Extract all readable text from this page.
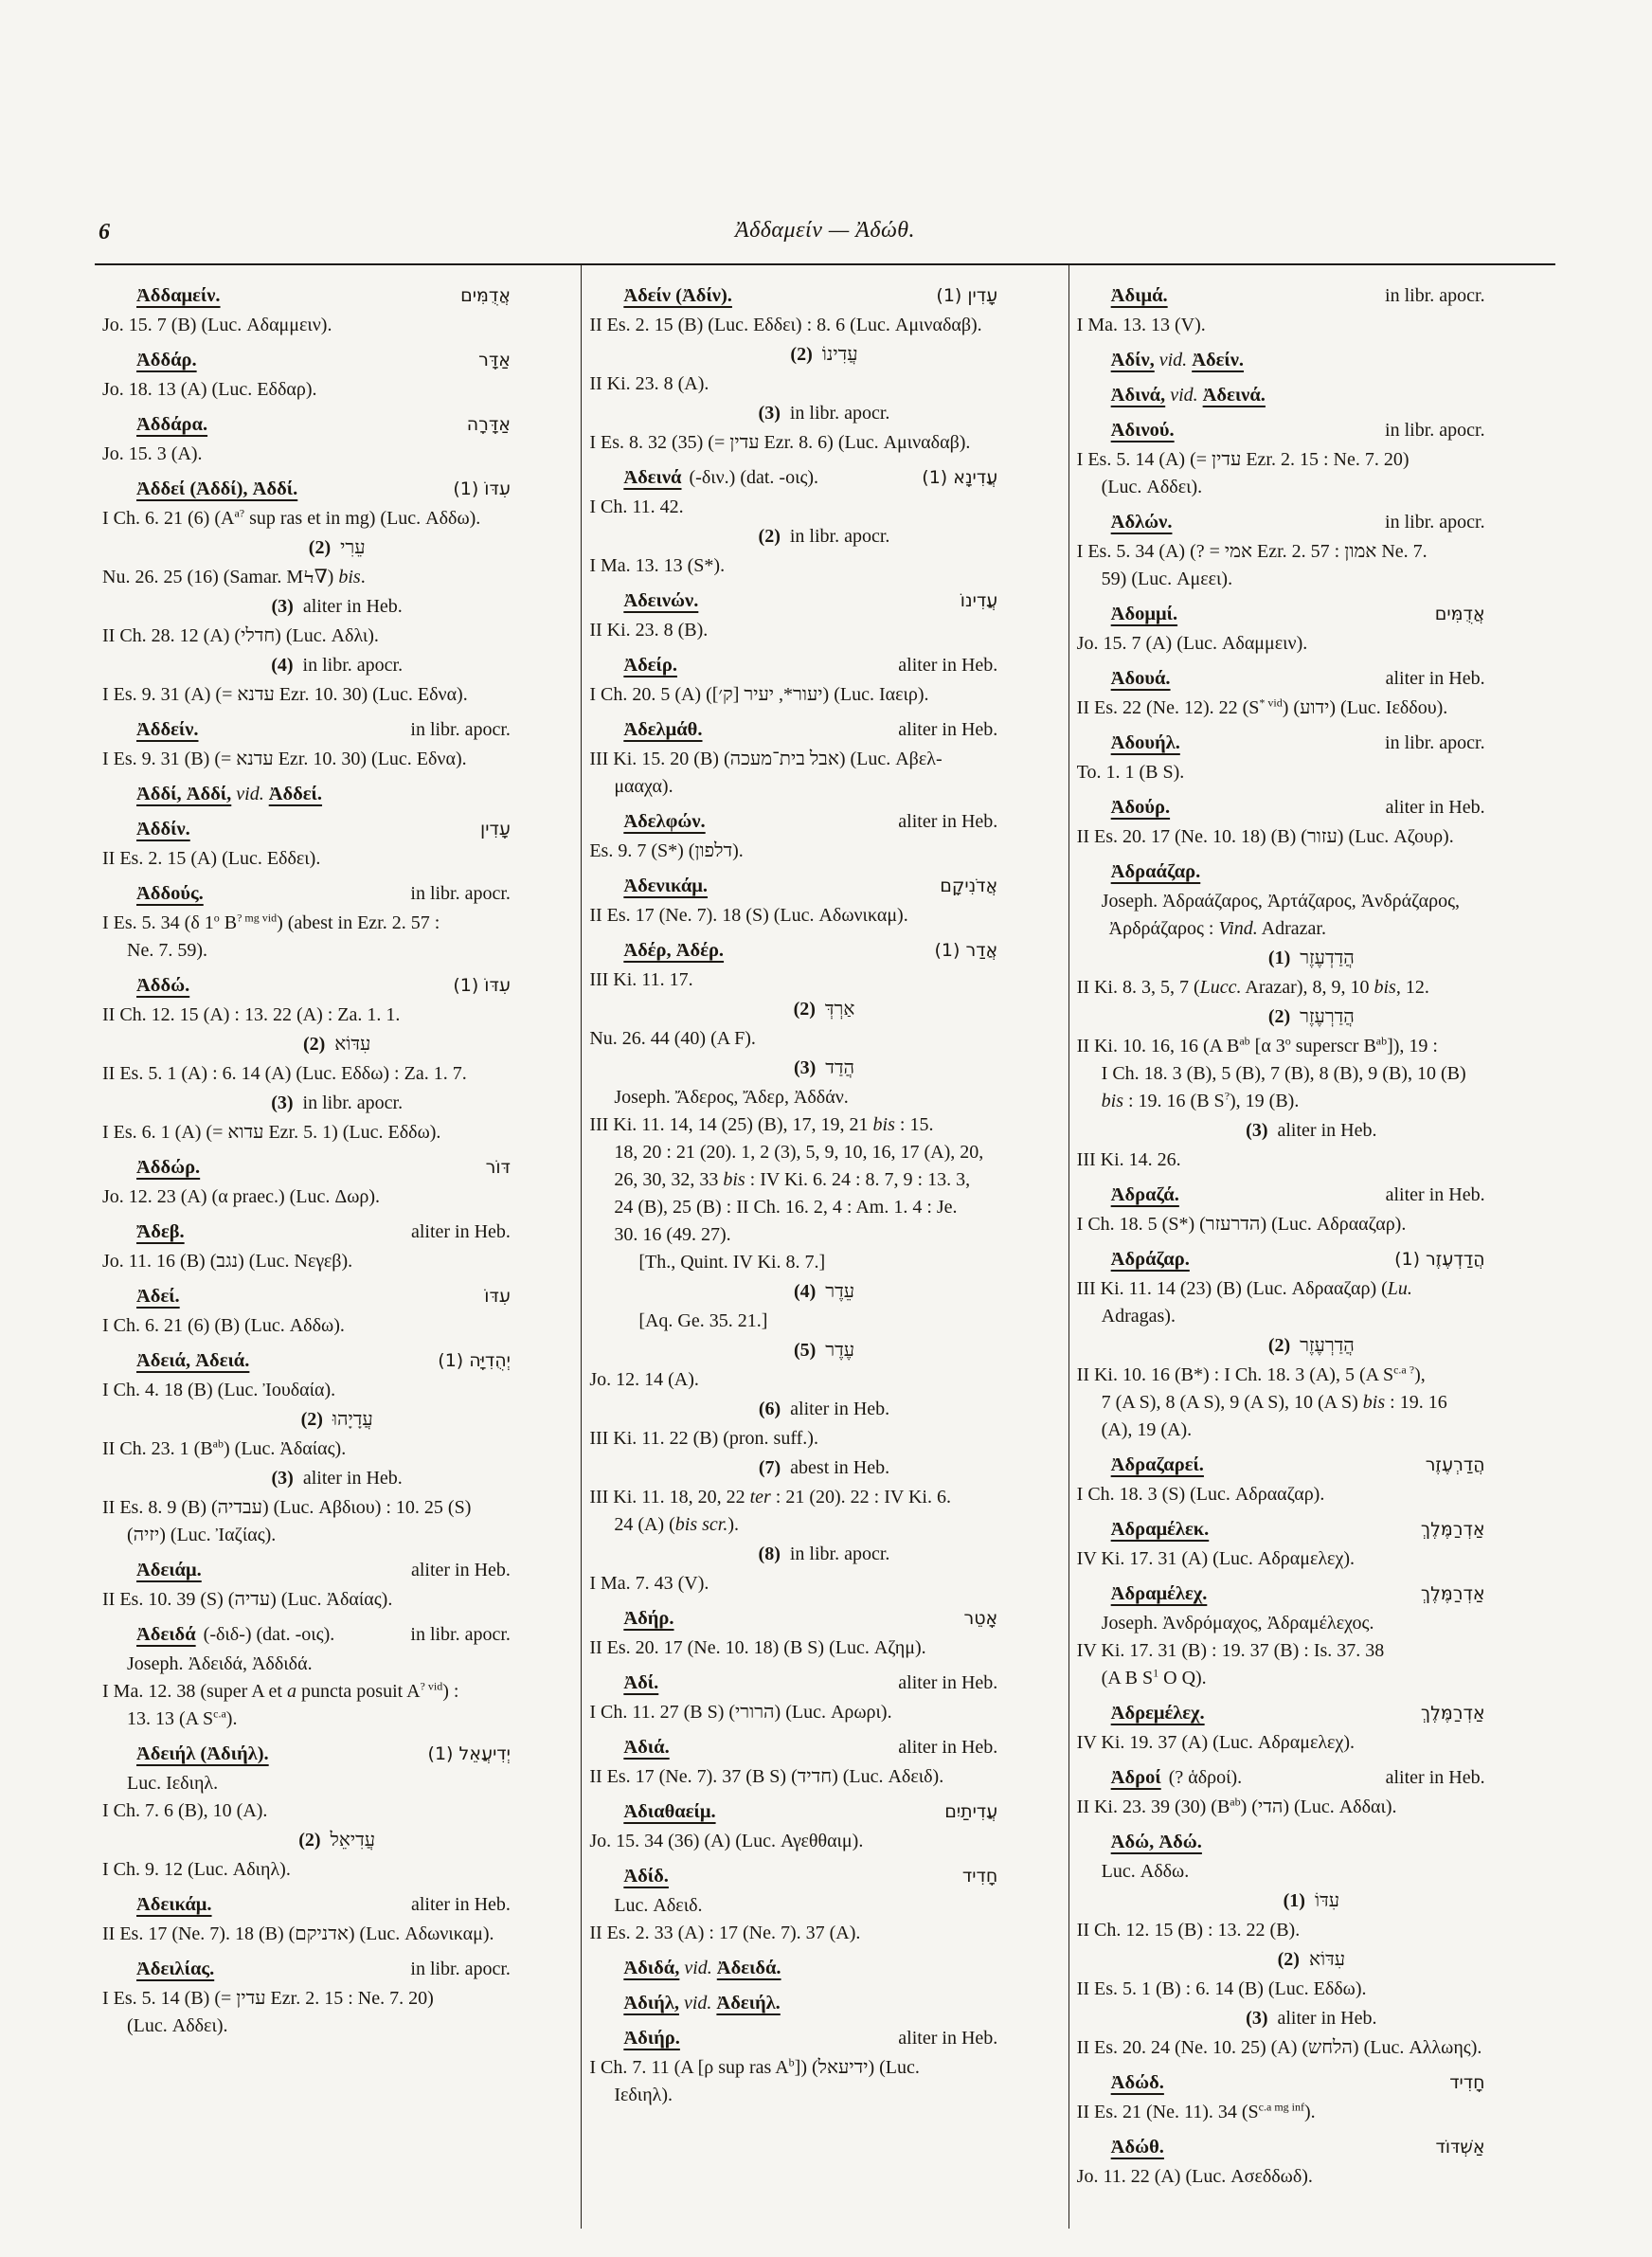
6	Ἀδδαμείν — Ἀδώθ.
Ἀδδαμείν.	אֲדֻמִּים
Jo. 15. 7 (B) (Luc. Αδαμμειν).
Ἀδδάρ.	אַדָּר
Jo. 18. 13 (A) (Luc. Εδδαρ).
Ἀδδάρα.	אַדָּרָה
Jo. 15. 3 (A).
Ἀδδεί (Ἀδδί), Ἀδδί.	(1) עִדּוֹ
I Ch. 6. 21 (6) ($A^{a?}$ sup ras et in mg) (Luc. Αδδω).
(2)  עֵרִי
Nu. 26. 25 (16) (Samar. ΜϞ∇) bis.
(3)  aliter in Heb.
II Ch. 28. 12 (A) (חדלי) (Luc. Αδλι).
(4)  in libr. apocr.
I Es. 9. 31 (A) (= עדנא Ezr. 10. 30) (Luc. Εδνα).
Ἀδδείν.	in libr. apocr.
I Es. 9. 31 (B) (= עדנא Ezr. 10. 30) (Luc. Εδνα).
Ἀδδί, Ἀδδί, vid. Ἀδδεί.
Ἀδδίν.	עָדִין
II Es. 2. 15 (A) (Luc. Εδδει).
Ἀδδούς.	in libr. apocr.
I Es. 5. 34 (δ 1$^o$ $B^{? mg vid}$) (abest in Ezr. 2. 57 :
Ne. 7. 59).
Ἀδδώ.	(1) עִדּוֹ
II Ch. 12. 15 (A) : 13. 22 (A) : Za. 1. 1.
(2)  עִדּוֹא
II Es. 5. 1 (A) : 6. 14 (A) (Luc. Εδδω) : Za. 1. 7.
(3)  in libr. apocr.
I Es. 6. 1 (A) (= עדוא Ezr. 5. 1) (Luc. Εδδω).
Ἀδδώρ.	דּוֹר
Jo. 12. 23 (A) (α praec.) (Luc. Δωρ).
Ἄδεβ.	aliter in Heb.
Jo. 11. 16 (B) (נגב) (Luc. Νεγεβ).
Ἀδεί.	עִדּוֹ
I Ch. 6. 21 (6) (B) (Luc. Αδδω).
Ἀδειά, Ἀδειά.	(1) יְהֻדִיָּה
I Ch. 4. 18 (B) (Luc. Ἰουδαία).
(2)  עֲדָיָהוּ
II Ch. 23. 1 $(B^{ab})$ (Luc. Ἀδαίας).
(3)  aliter in Heb.
II Es. 8. 9 (B) (עבדיה) (Luc. Αβδιου) : 10. 25 (S)
(יזיה) (Luc. Ἰαζίας).
Ἀδειάμ.	aliter in Heb.
II Es. 10. 39 (S) (עדיה) (Luc. Ἀδαίας).
Ἀδειδά (-διδ-) (dat. -οις).	in libr. apocr.
Joseph. Ἀδειδά, Ἀδδιδά.
I Ma. 12. 38 (super A et a puncta posuit $A^{? vid}$) :
13. 13 (A $S^{c.a}$).
Ἀδειήλ (Ἀδιήλ).	(1) יְדִיעֲאֵל
Luc. Ιεδιηλ.
I Ch. 7. 6 (B), 10 (A).
(2)  עֲדִיאֵל
I Ch. 9. 12 (Luc. Αδιηλ).
Ἀδεικάμ.	aliter in Heb.
II Es. 17 (Ne. 7). 18 (B) (אדניקם) (Luc. Αδωνικαμ).
Ἀδειλίας.	in libr. apocr.
I Es. 5. 14 (B) (= עדין Ezr. 2. 15 : Ne. 7. 20)
(Luc. Αδδει).
Ἀδείν (Ἀδίν).	(1) עָדִין
II Es. 2. 15 (B) (Luc. Εδδει) : 8. 6 (Luc. Αμιναδαβ).
(2)  עֲדִינוֹ
II Ki. 23. 8 (A).
(3)  in libr. apocr.
I Es. 8. 32 (35) (= עדין Ezr. 8. 6) (Luc. Αμιναδαβ).
Ἀδεινά (-διν.) (dat. -οις).	(1) עֲדִינָא
I Ch. 11. 42.
(2)  in libr. apocr.
I Ma. 13. 13 (S*).
Ἀδεινών.	עֲדִינוֹ
II Ki. 23. 8 (B).
Ἀδείρ.	aliter in Heb.
I Ch. 20. 5 (A) (יעור*, יעיר [ק׳]) (Luc. Ιαειρ).
Ἀδελμάθ.	aliter in Heb.
III Ki. 15. 20 (B) (אבל בית־מעכה) (Luc. Αβελ-
μααχα).
Ἀδελφών.	aliter in Heb.
Es. 9. 7 (S*) (דלפון).
Ἀδενικάμ.	אֲדֹנִיקָם
II Es. 17 (Ne. 7). 18 (S) (Luc. Αδωνικαμ).
Ἀδέρ, Ἀδέρ.	(1) אֲדַר
III Ki. 11. 17.
(2)  אַרְדְּ
Nu. 26. 44 (40) (A F).
(3)  הֲדַד
Joseph. Ἄδερος, Ἄδερ, Ἀδδάν.
III Ki. 11. 14, 14 (25) (B), 17, 19, 21 bis : 15.
18, 20 : 21 (20). 1, 2 (3), 5, 9, 10, 16, 17 (A), 20,
26, 30, 32, 33 bis : IV Ki. 6. 24 : 8. 7, 9 : 13. 3,
24 (B), 25 (B) : II Ch. 16. 2, 4 : Am. 1. 4 : Je.
30. 16 (49. 27).
[Th., Quint. IV Ki. 8. 7.]
(4)  עֵדֶר
[Aq. Ge. 35. 21.]
(5)  עֶדֶר
Jo. 12. 14 (A).
(6)  aliter in Heb.
III Ki. 11. 22 (B) (pron. suff.).
(7)  abest in Heb.
III Ki. 11. 18, 20, 22 ter : 21 (20). 22 : IV Ki. 6.
24 (A) (bis scr.).
(8)  in libr. apocr.
I Ma. 7. 43 (V).
Ἀδήρ.	אָטֵר
II Es. 20. 17 (Ne. 10. 18) (B S) (Luc. Αζημ).
Ἀδί.	aliter in Heb.
I Ch. 11. 27 (B S) (הרורי) (Luc. Αρωρι).
Ἀδιά.	aliter in Heb.
II Es. 17 (Ne. 7). 37 (B S) (חדיד) (Luc. Αδειδ).
Ἀδιαθαείμ.	עֲדִיתַיִם
Jo. 15. 34 (36) (A) (Luc. Αγεθθαιμ).
Ἀδίδ.	חָדִיד
Luc. Αδειδ.
II Es. 2. 33 (A) : 17 (Ne. 7). 37 (A).
Ἀδιδά, vid. Ἀδειδά.
Ἀδιήλ, vid. Ἀδειήλ.
Ἀδιήρ.	aliter in Heb.
I Ch. 7. 11 (A [ρ sup ras $A^b$]) (ידיעאל) (Luc.
Ιεδιηλ).
Ἀδιμά.	in libr. apocr.
I Ma. 13. 13 (V).
Ἀδίν, vid. Ἀδείν.
Ἀδινά, vid. Ἀδεινά.
Ἀδινού.	in libr. apocr.
I Es. 5. 14 (A) (= עדין Ezr. 2. 15 : Ne. 7. 20)
(Luc. Αδδει).
Ἀδλών.	in libr. apocr.
I Es. 5. 34 (A) (? = אמי Ezr. 2. 57 : אמון Ne. 7.
59) (Luc. Αμεει).
Ἀδομμί.	אֲדֻמִּים
Jo. 15. 7 (A) (Luc. Αδαμμειν).
Ἀδουά.	aliter in Heb.
II Es. 22 (Ne. 12). 22 $(S^{* vid})$ (ידוע) (Luc. Ιεδδου).
Ἀδουήλ.	in libr. apocr.
To. 1. 1 (B S).
Ἀδούρ.	aliter in Heb.
II Es. 20. 17 (Ne. 10. 18) (B) (עזור) (Luc. Αζουρ).
Ἀδραάζαρ.
Joseph. Ἀδραάζαρος, Ἀρτάζαρος, Ἀνδράζαρος,
Ἀρδράζαρος : Vind. Adrazar.
(1)  הֲדַדְעֶזֶר
II Ki. 8. 3, 5, 7 (Lucc. Arazar), 8, 9, 10 bis, 12.
(2)  הֲדַרְעֶזֶר
II Ki. 10. 16, 16 (A $B^{ab}$ [α 3$^o$ superscr $B^{ab}$]), 19 :
I Ch. 18. 3 (B), 5 (B), 7 (B), 8 (B), 9 (B), 10 (B)
bis : 19. 16 (B S?), 19 (B).
(3)  aliter in Heb.
III Ki. 14. 26.
Ἀδραζά.	aliter in Heb.
I Ch. 18. 5 (S*) (הדרעזר) (Luc. Αδρααζαρ).
Ἀδράζαρ.	(1) הֲדַדְעֶזֶר
III Ki. 11. 14 (23) (B) (Luc. Αδρααζαρ) (Lu.
Adragas).
(2)  הֲדַרְעֶזֶר
II Ki. 10. 16 (B*) : I Ch. 18. 3 (A), 5 (A $S^{c.a ?}$),
7 (A S), 8 (A S), 9 (A S), 10 (A S) bis : 19. 16
(A), 19 (A).
Ἀδραζαρεί.	הֲדַרְעֶזֶר
I Ch. 18. 3 (S) (Luc. Αδρααζαρ).
Ἀδραμέλεκ.	אַדְרַמֶּלֶךְ
IV Ki. 17. 31 (A) (Luc. Αδραμελεχ).
Ἀδραμέλεχ.	אַדְרַמֶּלֶךְ
Joseph. Ἀνδρόμαχος, Ἀδραμέλεχος.
IV Ki. 17. 31 (B) : 19. 37 (B) : Is. 37. 38
(A B $S^1$ O Q).
Ἀδρεμέλεχ.	אַדְרַמֶּלֶךְ
IV Ki. 19. 37 (A) (Luc. Αδραμελεχ).
Ἀδροί (? ἁδροί).	aliter in Heb.
II Ki. 23. 39 (30) $(B^{ab})$ (הדי) (Luc. Αδδαι).
Ἀδώ, Ἀδώ.
Luc. Αδδω.
(1)  עִדּוֹ
II Ch. 12. 15 (B) : 13. 22 (B).
(2)  עִדּוֹא
II Es. 5. 1 (B) : 6. 14 (B) (Luc. Εδδω).
(3)  aliter in Heb.
II Es. 20. 24 (Ne. 10. 25) (A) (הלחש) (Luc. Αλλωης).
Ἀδώδ.	חָדִיד
II Es. 21 (Ne. 11). 34 $(S^{c.a mg inf})$.
Ἀδώθ.	אַשְׁדּוֹד
Jo. 11. 22 (A) (Luc. Ασεδδωδ).
